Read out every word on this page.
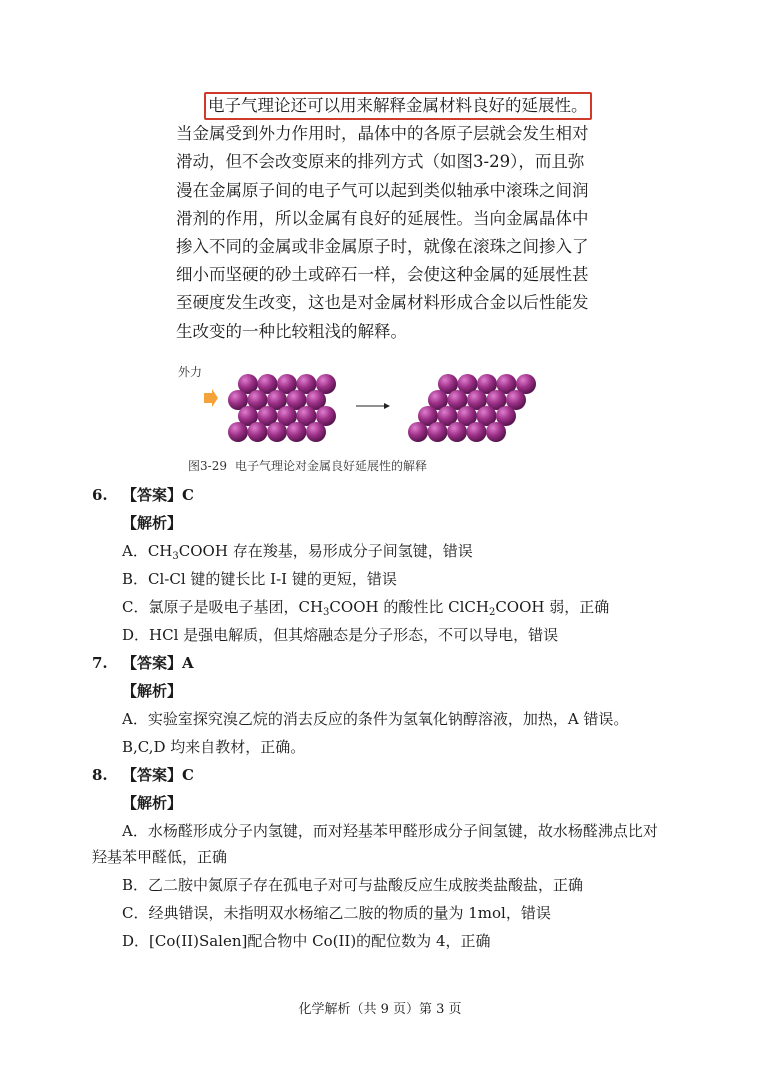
电子气理论还可以用来解释金属材料良好的延展性。
当金属受到外力作用时，晶体中的各原子层就会发生相对
滑动，但不会改变原来的排列方式（如图3-29），而且弥
漫在金属原子间的电子气可以起到类似轴承中滚珠之间润
滑剂的作用，所以金属有良好的延展性。当向金属晶体中
掺入不同的金属或非金属原子时，就像在滚珠之间掺入了
细小而坚硬的砂土或碎石一样，会使这种金属的延展性甚
至硬度发生改变，这也是对金属材料形成合金以后性能发
生改变的一种比较粗浅的解释。
外力
图3-29 电子气理论对金属良好延展性的解释
6. 【答案】C
【解析】
A．$CH_3COOH$ 存在羧基，易形成分子间氢键，错误
B．Cl-Cl 键的键长比 I-I 键的更短，错误
C．氯原子是吸电子基团，$CH_3COOH$ 的酸性比 ClCH$_2$COOH 弱，正确
D．HCl 是强电解质，但其熔融态是分子形态，不可以导电，错误
7. 【答案】A
【解析】
A．实验室探究溴乙烷的消去反应的条件为氢氧化钠醇溶液，加热，A 错误。
B,C,D 均来自教材，正确。
8. 【答案】C
【解析】
A．水杨醛形成分子内氢键，而对羟基苯甲醛形成分子间氢键，故水杨醛沸点比对
羟基苯甲醛低，正确
B．乙二胺中氮原子存在孤电子对可与盐酸反应生成胺类盐酸盐，正确
C．经典错误，未指明双水杨缩乙二胺的物质的量为 1mol，错误
D．[Co(II)Salen]配合物中 Co(II)的配位数为 4，正确
化学解析（共 9 页）第 3 页
